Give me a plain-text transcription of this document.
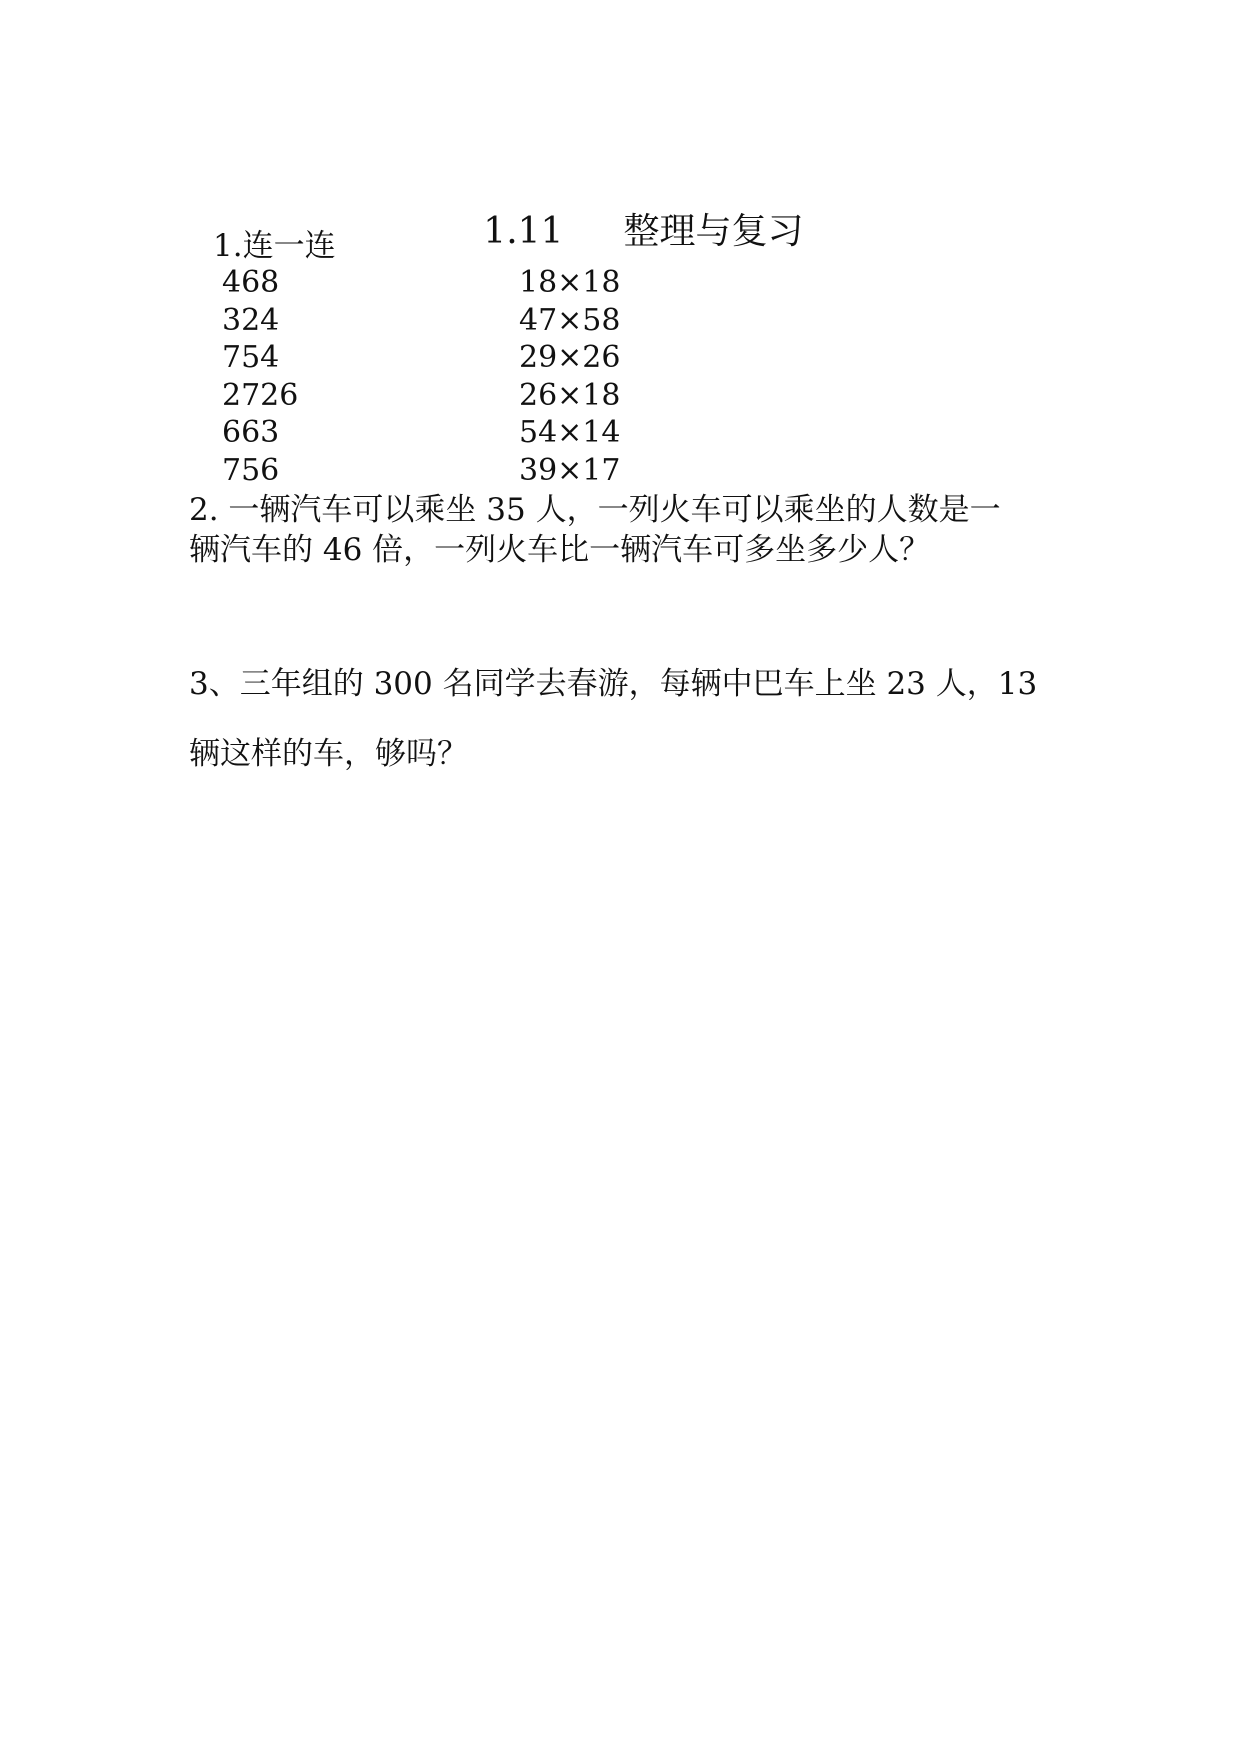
1.11 整理与复习

1.连一连
468	18×18
324	47×58
754	29×26
2726	26×18
663	54×14
756	39×17
2. 一辆汽车可以乘坐 35 人，一列火车可以乘坐的人数是一
辆汽车的 46 倍，一列火车比一辆汽车可多坐多少人？
3、三年组的 300 名同学去春游，每辆中巴车上坐 23 人，13
辆这样的车，够吗？
